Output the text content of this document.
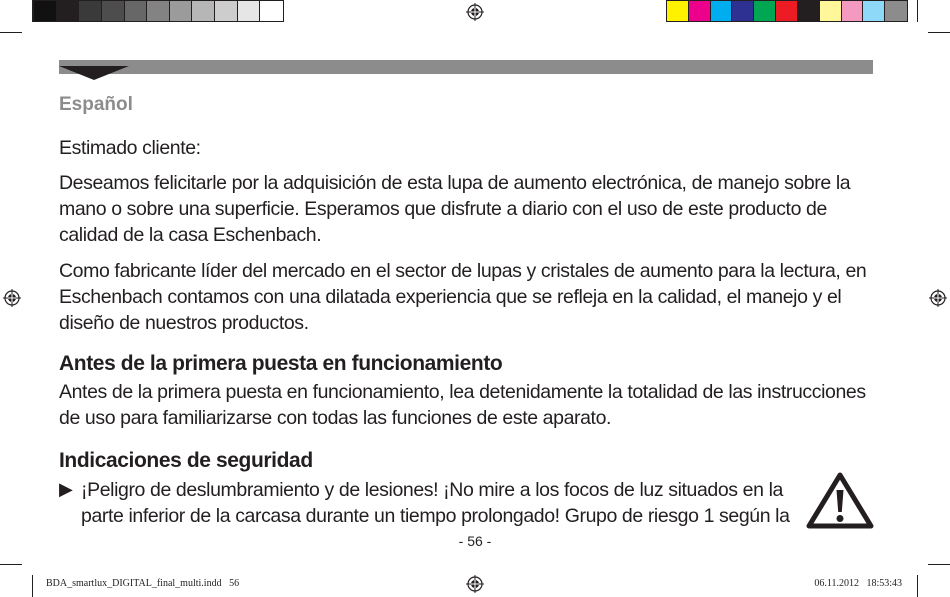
Español
Estimado cliente:
Deseamos felicitarle por la adquisición de esta lupa de aumento electrónica, de manejo sobre la mano o sobre una superficie. Esperamos que disfrute a diario con el uso de este producto de calidad de la casa Eschenbach.
Como fabricante líder del mercado en el sector de lupas y cristales de aumento para la lectura, en Eschenbach contamos con una dilatada experiencia que se refleja en la calidad, el manejo y el diseño de nuestros productos.
Antes de la primera puesta en funcionamiento
Antes de la primera puesta en funcionamiento, lea detenidamente la totalidad de las instrucciones de uso para familiarizarse con todas las funciones de este aparato.
Indicaciones de seguridad
▶ ¡Peligro de deslumbramiento y de lesiones! ¡No mire a los focos de luz situados en la parte inferior de la carcasa durante un tiempo prolongado! Grupo de riesgo 1 según la
- 56 -
BDA_smartlux_DIGITAL_final_multi.indd   56	06.11.2012   18:53:43
